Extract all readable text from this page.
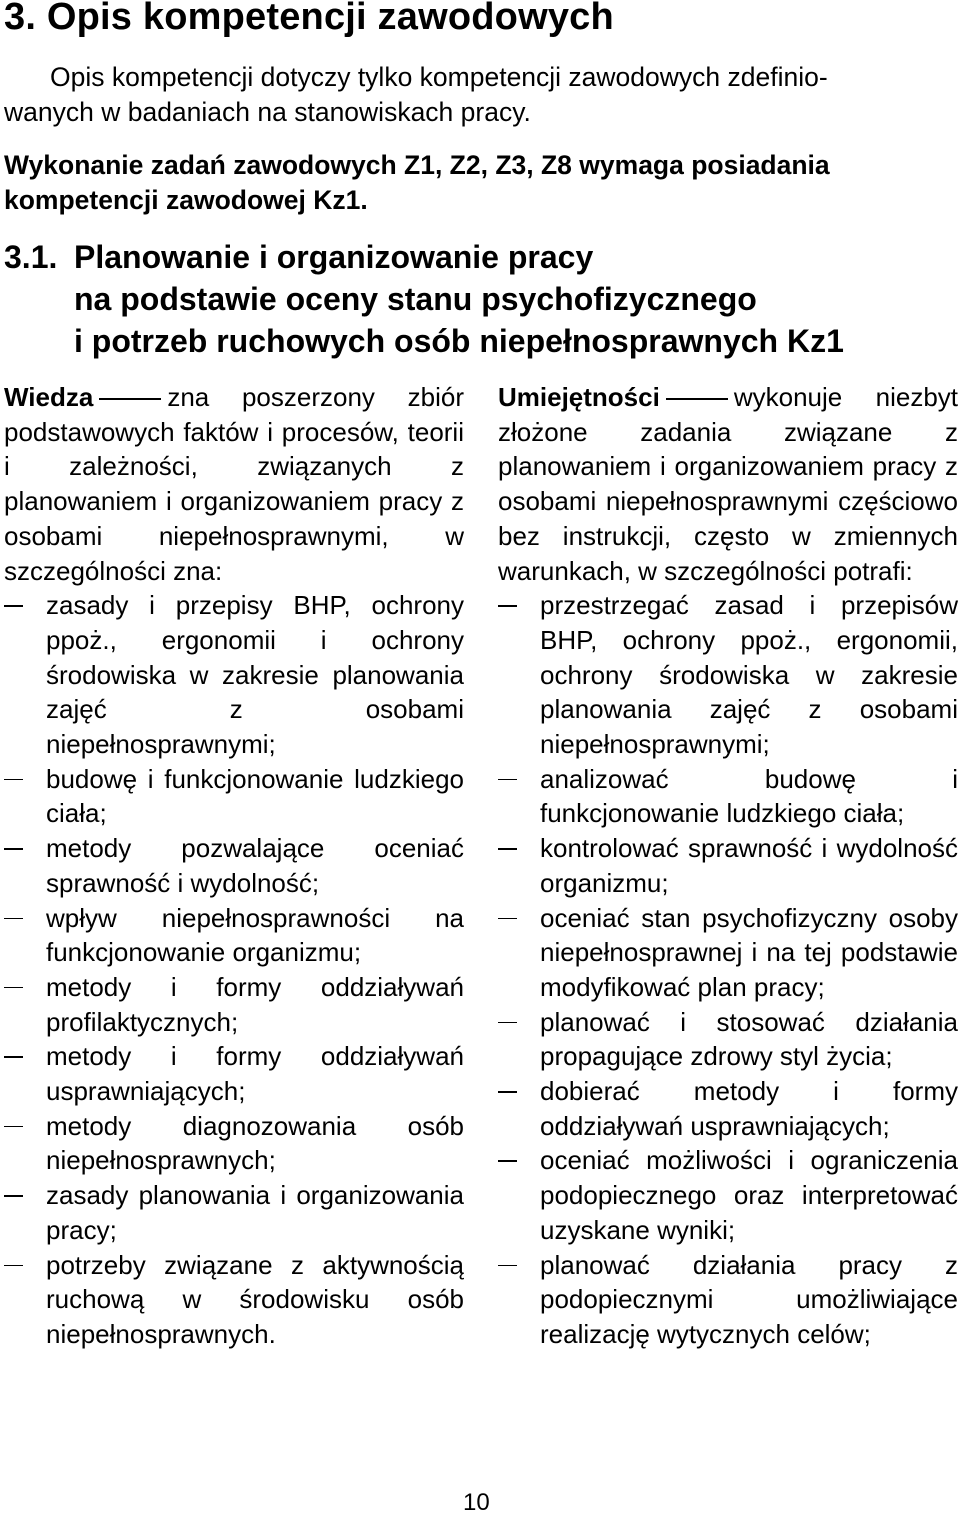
3. Opis kompetencji zawodowych

Opis kompetencji dotyczy tylko kompetencji zawodowych zdefinio-
wanych w badaniach na stanowiskach pracy.

Wykonanie zadań zawodowych Z1, Z2, Z3, Z8 wymaga posiadania kompetencji zawodowej Kz1.

3.1. Planowanie i organizowanie pracy
na podstawie oceny stanu psychofizycznego
i potrzeb ruchowych osób niepełnosprawnych Kz1
Wiedza	zna poszerzony zbiór podstawowych faktów i procesów, teorii i zależności, związanych z planowaniem i organizowaniem pracy z osobami niepełnosprawnymi, w szczególności zna:
zasady i przepisy BHP, ochrony ppoż., ergonomii i ochrony środowiska w zakresie planowania zajęć z osobami niepełnosprawnymi;
budowę i funkcjonowanie ludzkiego ciała;
metody pozwalające oceniać sprawność i wydolność;
wpływ niepełnosprawności na funkcjonowanie organizmu;
metody i formy oddziaływań profilaktycznych;
metody i formy oddziaływań usprawniających;
metody diagnozowania osób niepełnosprawnych;
zasady planowania i organizowania pracy;
potrzeby związane z aktywnością ruchową w środowisku osób niepełnosprawnych.
Umiejętności	wykonuje niezbyt złożone zadania związane z planowaniem i organizowaniem pracy z osobami niepełnosprawnymi częściowo bez instrukcji, często w zmiennych warunkach, w szczególności potrafi:
przestrzegać zasad i przepisów BHP, ochrony ppoż., ergonomii, ochrony środowiska w zakresie planowania zajęć z osobami niepełnosprawnymi;
analizować budowę i funkcjonowanie ludzkiego ciała;
kontrolować sprawność i wydolność organizmu;
oceniać stan psychofizyczny osoby niepełnosprawnej i na tej podstawie modyfikować plan pracy;
planować i stosować działania propagujące zdrowy styl życia;
dobierać metody i formy oddziaływań usprawniających;
oceniać możliwości i ograniczenia podopiecznego oraz interpretować uzyskane wyniki;
planować działania pracy z podopiecznymi umożliwiające realizację wytycznych celów;
10
